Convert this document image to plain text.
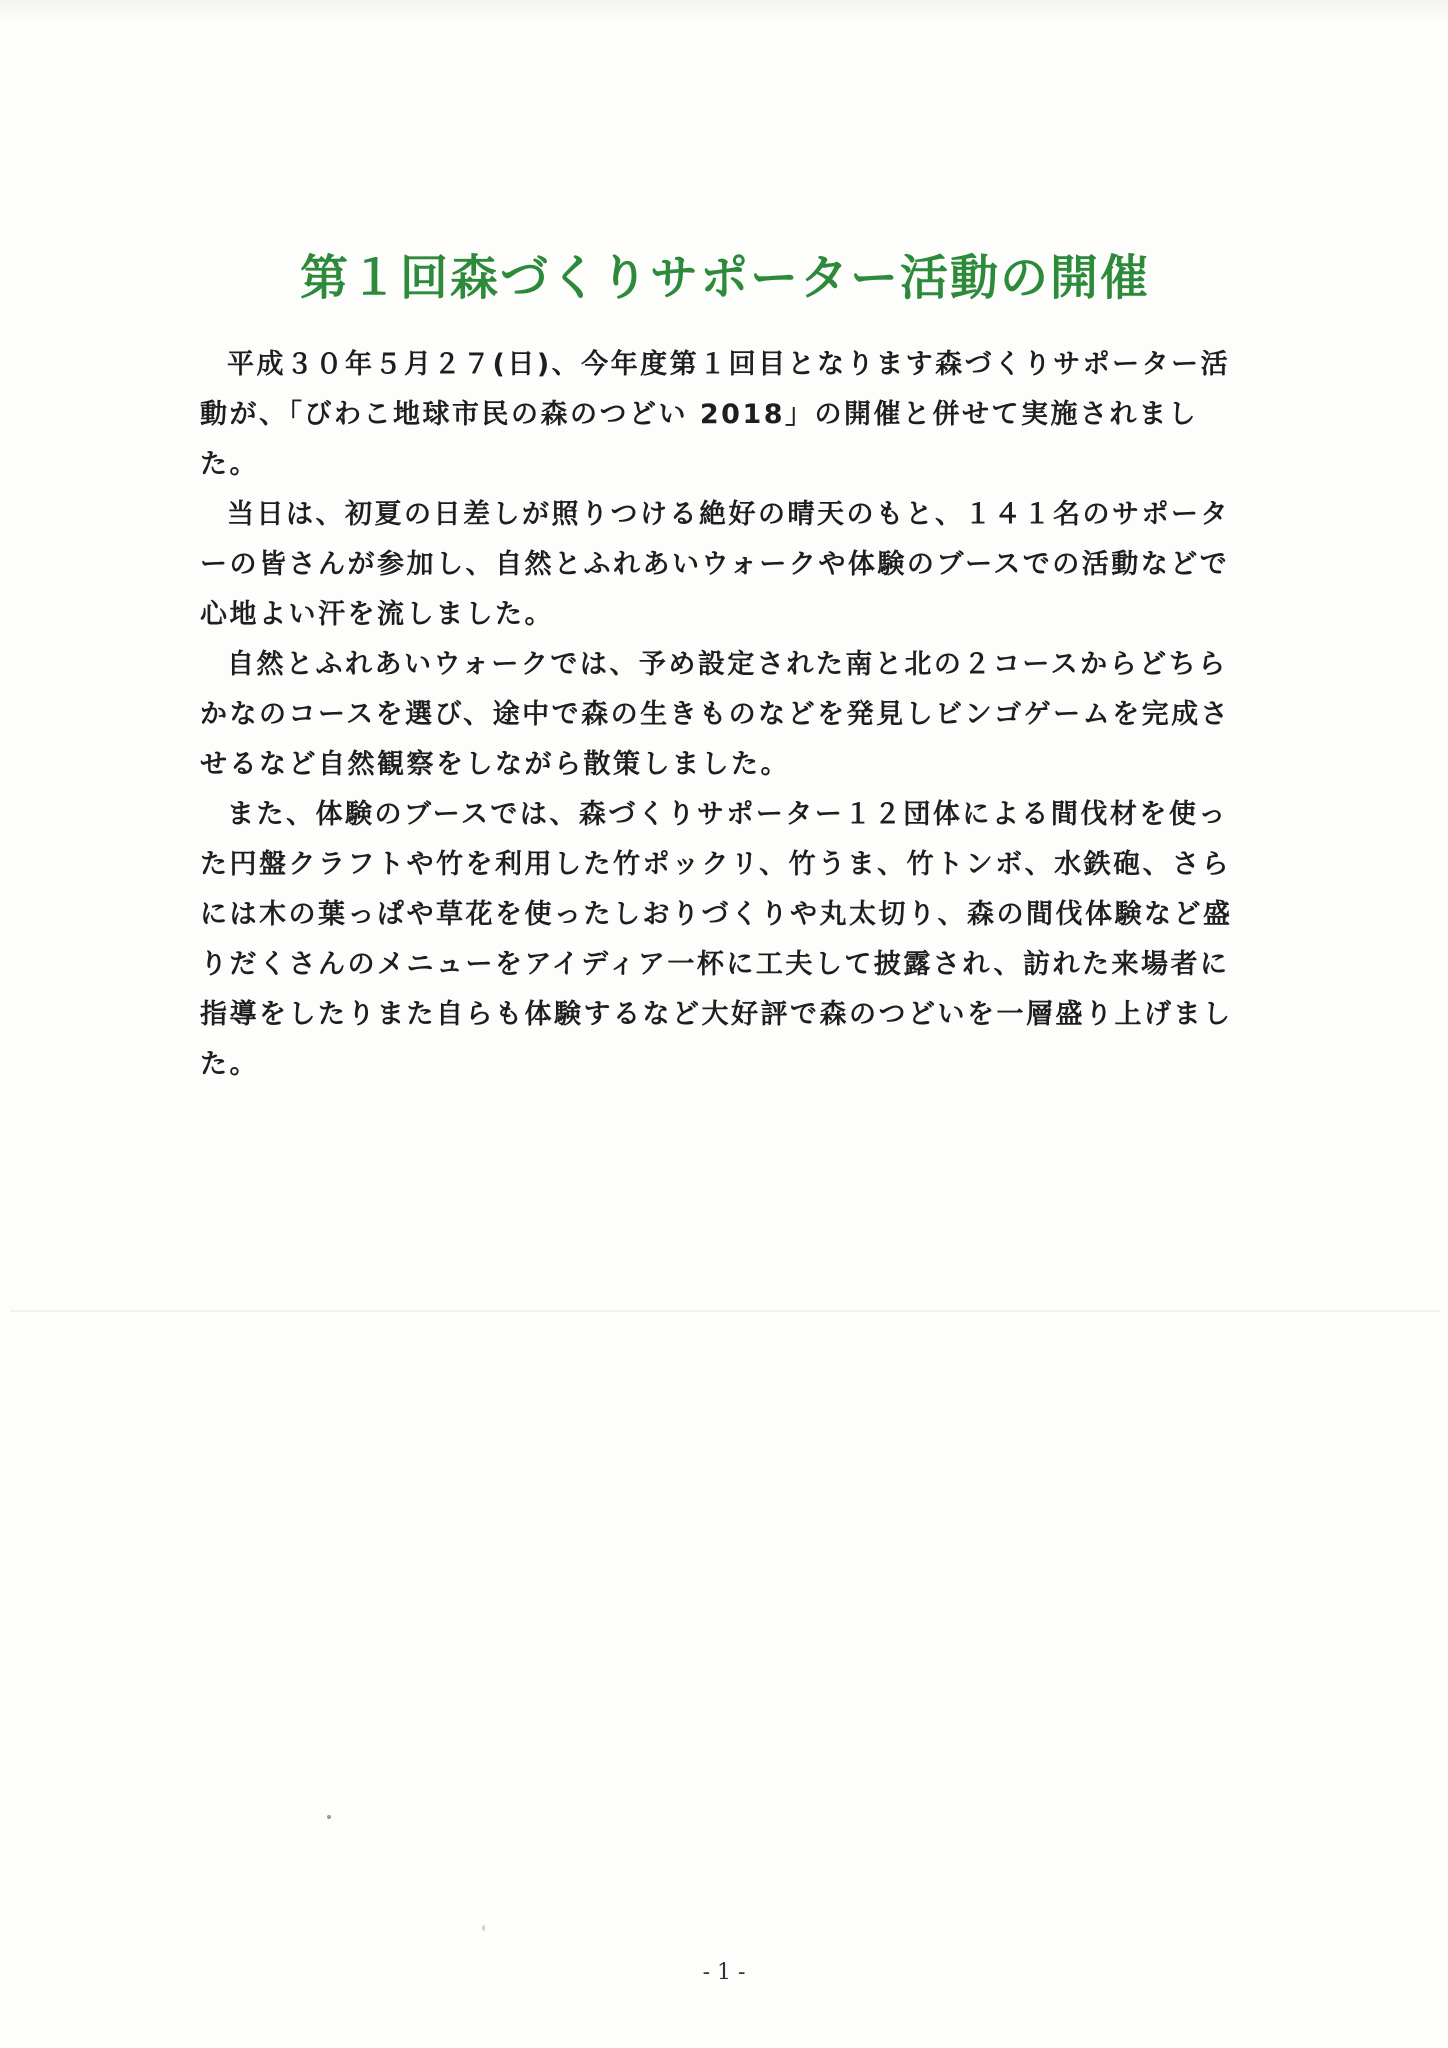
第１回森づくりサポーター活動の開催

平成３０年５月２７(日)、今年度第１回目となります森づくりサポーター活動が、「びわこ地球市民の森のつどい 2018」の開催と併せて実施されました。

当日は、初夏の日差しが照りつける絶好の晴天のもと、１４１名のサポーターの皆さんが参加し、自然とふれあいウォークや体験のブースでの活動などで心地よい汗を流しました。

自然とふれあいウォークでは、予め設定された南と北の２コースからどちらかなのコースを選び、途中で森の生きものなどを発見しビンゴゲームを完成させるなど自然観察をしながら散策しました。

また、体験のブースでは、森づくりサポーター１２団体による間伐材を使った円盤クラフトや竹を利用した竹ポックリ、竹うま、竹トンボ、水鉄砲、さらには木の葉っぱや草花を使ったしおりづくりや丸太切り、森の間伐体験など盛りだくさんのメニューをアイディア一杯に工夫して披露され、訪れた来場者に指導をしたりまた自らも体験するなど大好評で森のつどいを一層盛り上げました。

- 1 -
